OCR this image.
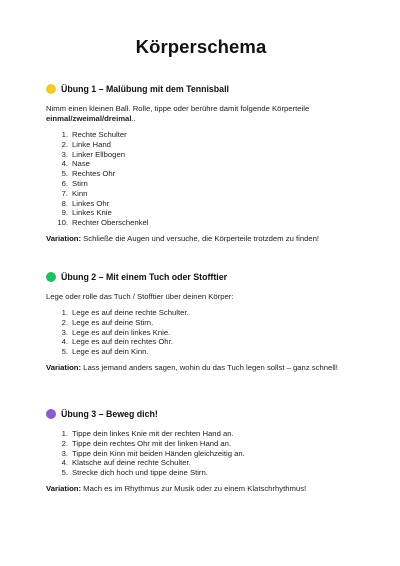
Körperschema
Übung 1 – Malübung mit dem Tennisball

Nimm einen kleinen Ball. Rolle, tippe oder berühre damit folgende Körperteile
einmal/zweimal/dreimal..

1. Rechte Schulter
2. Linke Hand
3. Linker Ellbogen
4. Nase
5. Rechtes Ohr
6. Stirn
7. Kinn
8. Linkes Ohr
9. Linkes Knie
10. Rechter Oberschenkel

Variation: Schließe die Augen und versuche, die Körperteile trotzdem zu finden!

Übung 2 – Mit einem Tuch oder Stofftier

Lege oder rolle das Tuch / Stofftier über deinen Körper:

1. Lege es auf deine rechte Schulter.
2. Lege es auf deine Stirn.
3. Lege es auf dein linkes Knie.
4. Lege es auf dein rechtes Ohr.
5. Lege es auf dein Kinn.

Variation: Lass jemand anders sagen, wohin du das Tuch legen sollst – ganz schnell!

Übung 3 – Beweg dich!
1. Tippe dein linkes Knie mit der rechten Hand an.
2. Tippe dein rechtes Ohr mit der linken Hand an.
3. Tippe dein Kinn mit beiden Händen gleichzeitig an.
4. Klatsche auf deine rechte Schulter.
5. Strecke dich hoch und tippe deine Stirn.

Variation: Mach es im Rhythmus zur Musik oder zu einem Klatschrhythmus!
